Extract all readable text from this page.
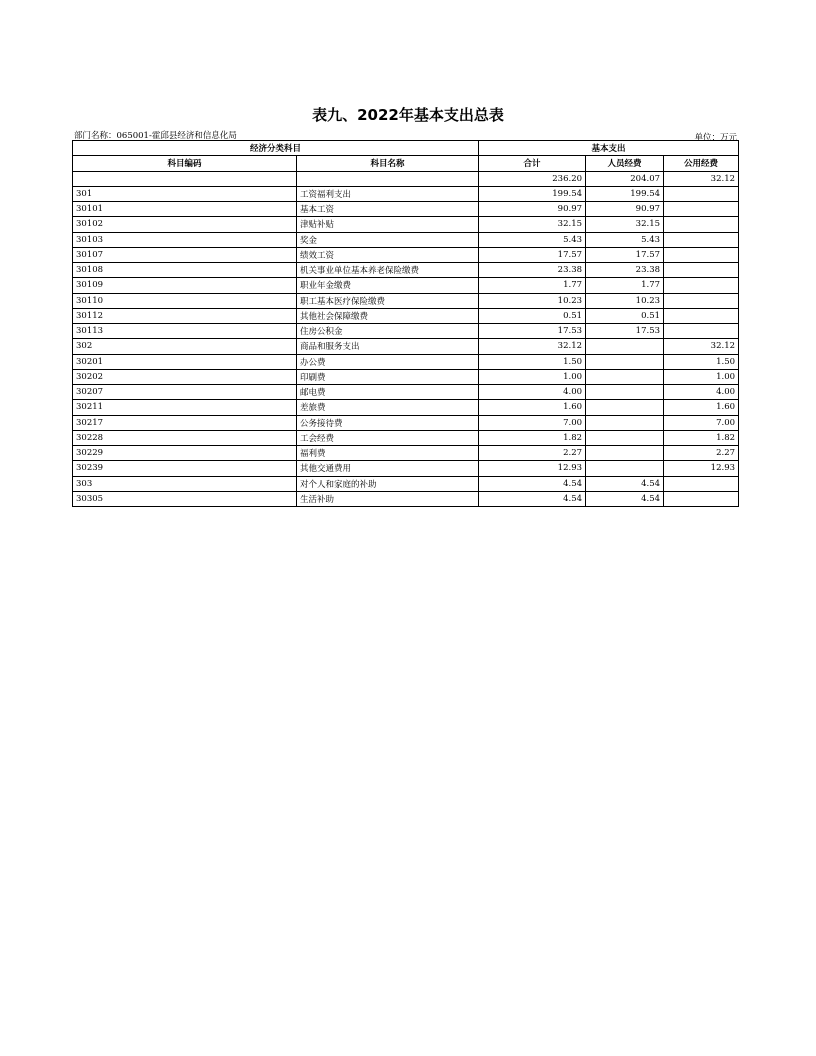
表九、2022年基本支出总表
部门名称：065001-霍邱县经济和信息化局	单位：万元
经济分类科目		基本支出		
科目编码	科目名称	合计	人员经费	公用经费
		236.20	204.07	32.12
301	工资福利支出	199.54	199.54	
30101	基本工资	90.97	90.97	
30102	津贴补贴	32.15	32.15	
30103	奖金	5.43	5.43	
30107	绩效工资	17.57	17.57	
30108	机关事业单位基本养老保险缴费	23.38	23.38	
30109	职业年金缴费	1.77	1.77	
30110	职工基本医疗保险缴费	10.23	10.23	
30112	其他社会保障缴费	0.51	0.51	
30113	住房公积金	17.53	17.53	
302	商品和服务支出	32.12		32.12
30201	办公费	1.50		1.50
30202	印刷费	1.00		1.00
30207	邮电费	4.00		4.00
30211	差旅费	1.60		1.60
30217	公务接待费	7.00		7.00
30228	工会经费	1.82		1.82
30229	福利费	2.27		2.27
30239	其他交通费用	12.93		12.93
303	对个人和家庭的补助	4.54	4.54	
30305	生活补助	4.54	4.54	
